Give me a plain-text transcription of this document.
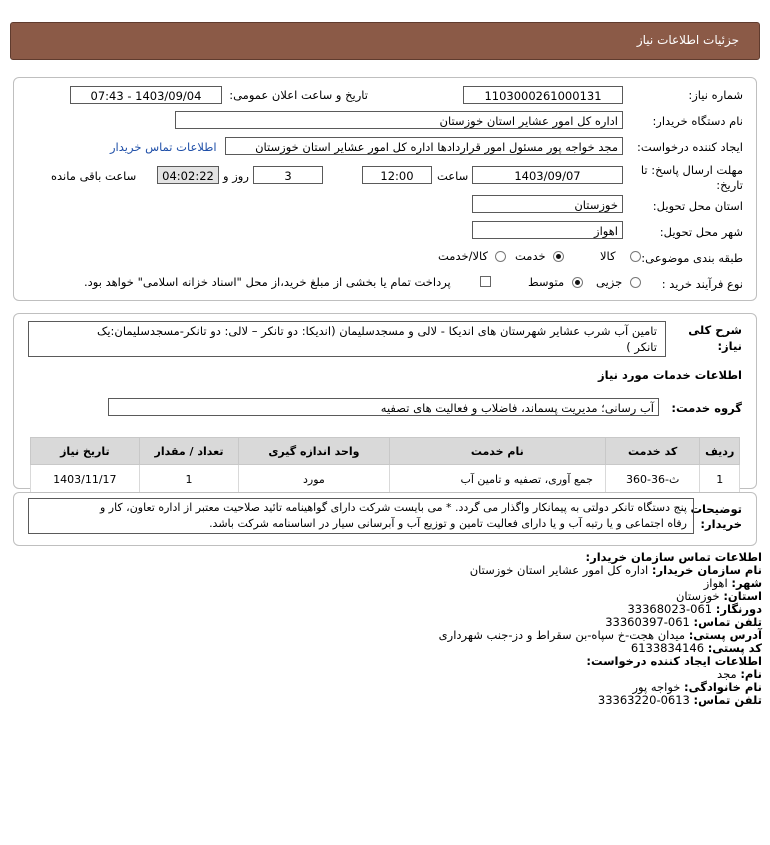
جزئیات اطلاعات نیاز
شماره نیاز:
1103000261000131
تاریخ و ساعت اعلان عمومی:
1403/09/04 - 07:43
نام دستگاه خریدار:
اداره کل امور عشایر استان خوزستان
ایجاد کننده درخواست:
مجد خواجه پور مسئول امور قراردادها اداره کل امور عشایر استان خوزستان
اطلاعات تماس خریدار
مهلت ارسال پاسخ: تا
تاریخ:
1403/09/07
ساعت
12:00
3
روز و
04:02:22
ساعت باقی مانده
استان محل تحویل:
خوزستان
شهر محل تحویل:
اهواز
طبقه بندی موضوعی:
کالا
خدمت
کالا/خدمت
نوع فرآیند خرید :
جزیی
متوسط
پرداخت تمام یا بخشی از مبلغ خرید،از محل "اسناد خزانه اسلامی" خواهد بود.
شرح کلی
نیاز:
تامین آب شرب عشایر شهرستان های اندیکا - لالی و مسجدسلیمان (اندیکا: دو تانکر – لالی: دو تانکر-مسجدسلیمان:یک
تانکر )
اطلاعات خدمات مورد نیاز
گروه خدمت:
آب رسانی؛ مدیریت پسماند، فاضلاب و فعالیت های تصفیه
ردیف	کد خدمت	نام خدمت	واحد اندازه گیری	تعداد / مقدار	تاریخ نیاز
1	ث-36-360	جمع آوری، تصفیه و تامین آب	مورد	1	1403/11/17
توضیحات
خریدار:
پنج دستگاه تانکر دولتی به پیمانکار واگذار می گردد. * می بایست شرکت دارای گواهینامه تائید صلاحیت معتبر از اداره تعاون، کار و
رفاه اجتماعی و یا رتبه آب و یا دارای فعالیت تامین و توزیع آب و آبرسانی سیار در اساسنامه شرکت باشد.
اطلاعات تماس سازمان خریدار:
نام سازمان خریدار: اداره کل امور عشایر استان خوزستان
شهر: اهواز
استان: خوزستان
دورنگار: 061-33368023
تلفن تماس: 061-33360397
آدرس پستی: میدان هجت-خ سپاه-بن سقراط و دز-جنب شهرداری
کد پستی: 6133834146
اطلاعات ایجاد کننده درخواست:
نام: مجد
نام خانوادگی: خواجه پور
تلفن تماس: 0613-33363220
